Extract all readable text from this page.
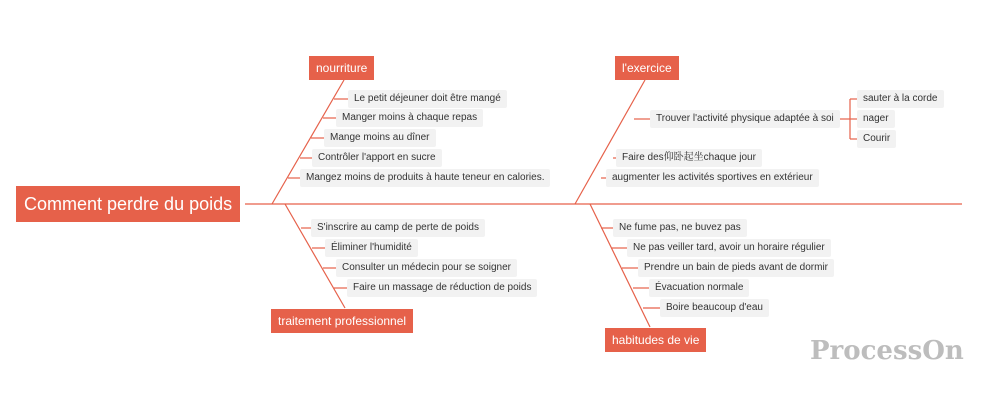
Comment perdre du poids
nourriture
Le petit déjeuner doit être mangé
Manger moins à chaque repas
Mange moins au dîner
Contrôler l'apport en sucre
Mangez moins de produits à haute teneur en calories.
l'exercice
Trouver l'activité physique adaptée à soi
Faire des仰卧起坐chaque jour
augmenter les activités sportives en extérieur
sauter à la corde
nager
Courir
S'inscrire au camp de perte de poids
Éliminer l'humidité
Consulter un médecin pour se soigner
Faire un massage de réduction de poids
traitement professionnel
Ne fume pas, ne buvez pas
Ne pas veiller tard, avoir un horaire régulier
Prendre un bain de pieds avant de dormir
Évacuation normale
Boire beaucoup d'eau
habitudes de vie	ProcessOn
